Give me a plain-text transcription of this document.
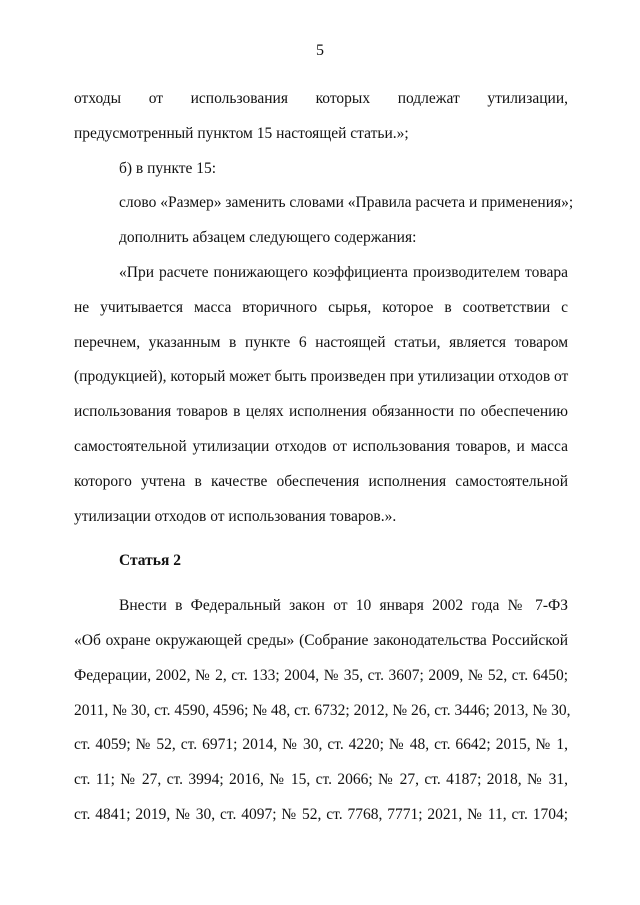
5
отходы от использования которых подлежат утилизации,
предусмотренный пунктом 15 настоящей статьи.»;
б) в пункте 15:
слово «Размер» заменить словами «Правила расчета и применения»;
дополнить абзацем следующего содержания:
«При расчете понижающего коэффициента производителем товара
не учитывается масса вторичного сырья, которое в соответствии с
перечнем, указанным в пункте 6 настоящей статьи, является товаром
(продукцией), который может быть произведен при утилизации отходов от
использования товаров в целях исполнения обязанности по обеспечению
самостоятельной утилизации отходов от использования товаров, и масса
которого учтена в качестве обеспечения исполнения самостоятельной
утилизации отходов от использования товаров.».
Статья 2
Внести в Федеральный закон от 10 января 2002 года № 7-ФЗ
«Об охране окружающей среды» (Собрание законодательства Российской
Федерации, 2002, № 2, ст. 133; 2004, № 35, ст. 3607; 2009, № 52, ст. 6450;
2011, № 30, ст. 4590, 4596; № 48, ст. 6732; 2012, № 26, ст. 3446; 2013, № 30,
ст. 4059; № 52, ст. 6971; 2014, № 30, ст. 4220; № 48, ст. 6642; 2015, № 1,
ст. 11; № 27, ст. 3994; 2016, № 15, ст. 2066; № 27, ст. 4187; 2018, № 31,
ст. 4841; 2019, № 30, ст. 4097; № 52, ст. 7768, 7771; 2021, № 11, ст. 1704;
